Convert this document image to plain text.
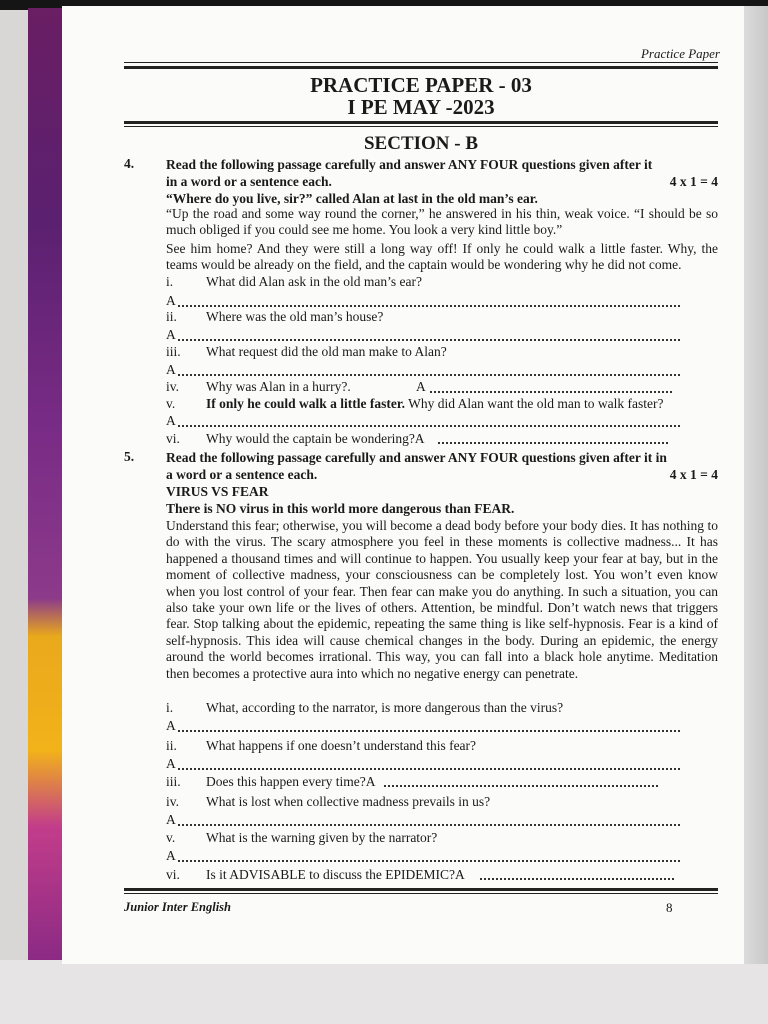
Practice Paper
PRACTICE PAPER - 03
I PE MAY -2023
SECTION - B
4. Read the following passage carefully and answer ANY FOUR questions given after it
in a word or a sentence each.	4 x 1 = 4
“Where do you live, sir?” called Alan at last in the old man’s ear.

“Up the road and some way round the corner,” he answered in his thin, weak voice. “I should be so much obliged if you could see me home. You look a very kind little boy.”

See him home? And they were still a long way off! If only he could walk a little faster. Why, the teams would be already on the field, and the captain would be wondering why he did not come.

i. What did Alan ask in the old man’s ear?
A
ii. Where was the old man’s house?
A
iii. What request did the old man make to Alan?
A
iv. Why was Alan in a hurry?.	A
v. If only he could walk a little faster. Why did Alan want the old man to walk faster?
A
vi. Why would the captain be wondering?A
5. Read the following passage carefully and answer ANY FOUR questions given after it in
a word or a sentence each.	4 x 1 = 4
VIRUS VS FEAR
There is NO virus in this world more dangerous than FEAR.

Understand this fear; otherwise, you will become a dead body before your body dies. It has nothing to do with the virus. The scary atmosphere you feel in these moments is collective madness... It has happened a thousand times and will continue to happen. You usually keep your fear at bay, but in the moment of collective madness, your consciousness can be completely lost. You won’t even know when you lost control of your fear. Then fear can make you do anything. In such a situation, you can also take your own life or the lives of others. Attention, be mindful. Don’t watch news that triggers fear. Stop talking about the epidemic, repeating the same thing is like self-hypnosis. Fear is a kind of self-hypnosis. This idea will cause chemical changes in the body. During an epidemic, the energy around the world becomes irrational. This way, you can fall into a black hole anytime. Meditation then becomes a protective aura into which no negative energy can penetrate.

i. What, according to the narrator, is more dangerous than the virus?
A
ii. What happens if one doesn’t understand this fear?
A
iii. Does this happen every time?A
iv. What is lost when collective madness prevails in us?
A
v. What is the warning given by the narrator?
A
vi. Is it ADVISABLE to discuss the EPIDEMIC?A
Junior Inter English	8
